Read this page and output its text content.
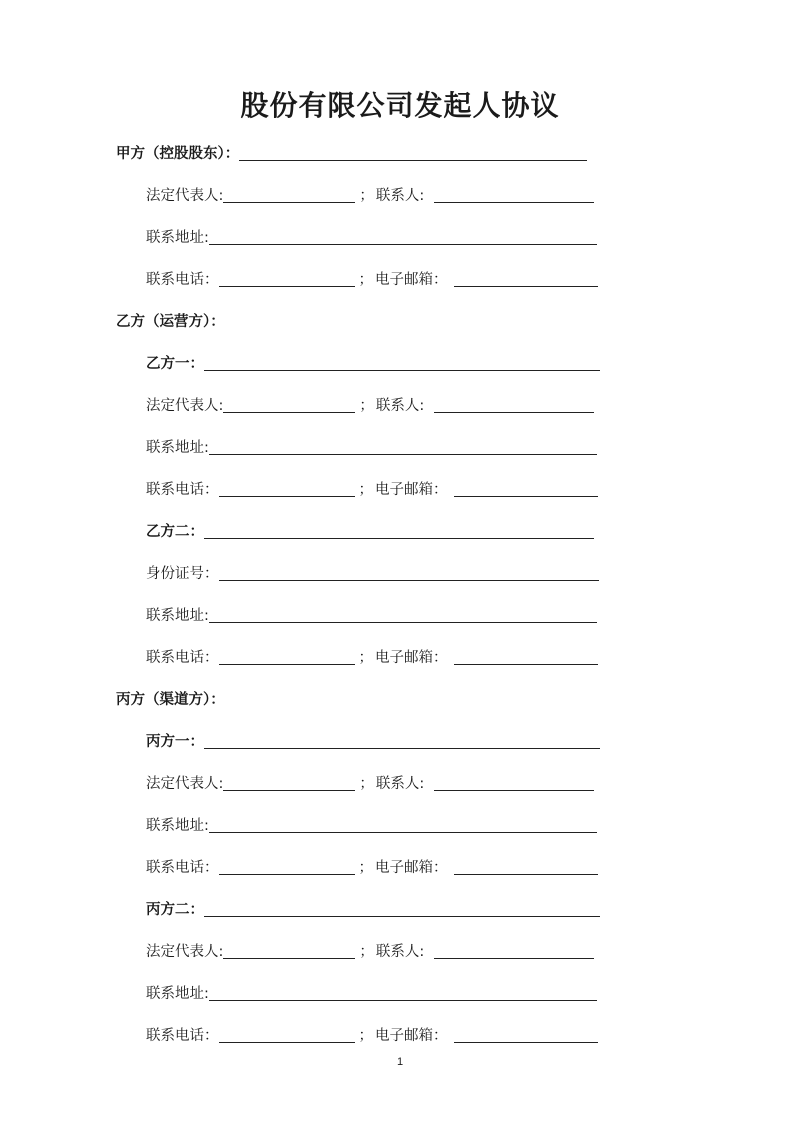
股份有限公司发起人协议
甲方（控股股东）：
法定代表人:	； 联系人:
联系地址:
联系电话：	； 电子邮箱：
乙方（运营方）：
乙方一：
法定代表人:	； 联系人:
联系地址:
联系电话：	； 电子邮箱：
乙方二：
身份证号：
联系地址:
联系电话：	； 电子邮箱：
丙方（渠道方）：
丙方一：
法定代表人:	； 联系人:
联系地址:
联系电话：	； 电子邮箱：
丙方二：
法定代表人:	； 联系人:
联系地址:
联系电话：	； 电子邮箱：
1
